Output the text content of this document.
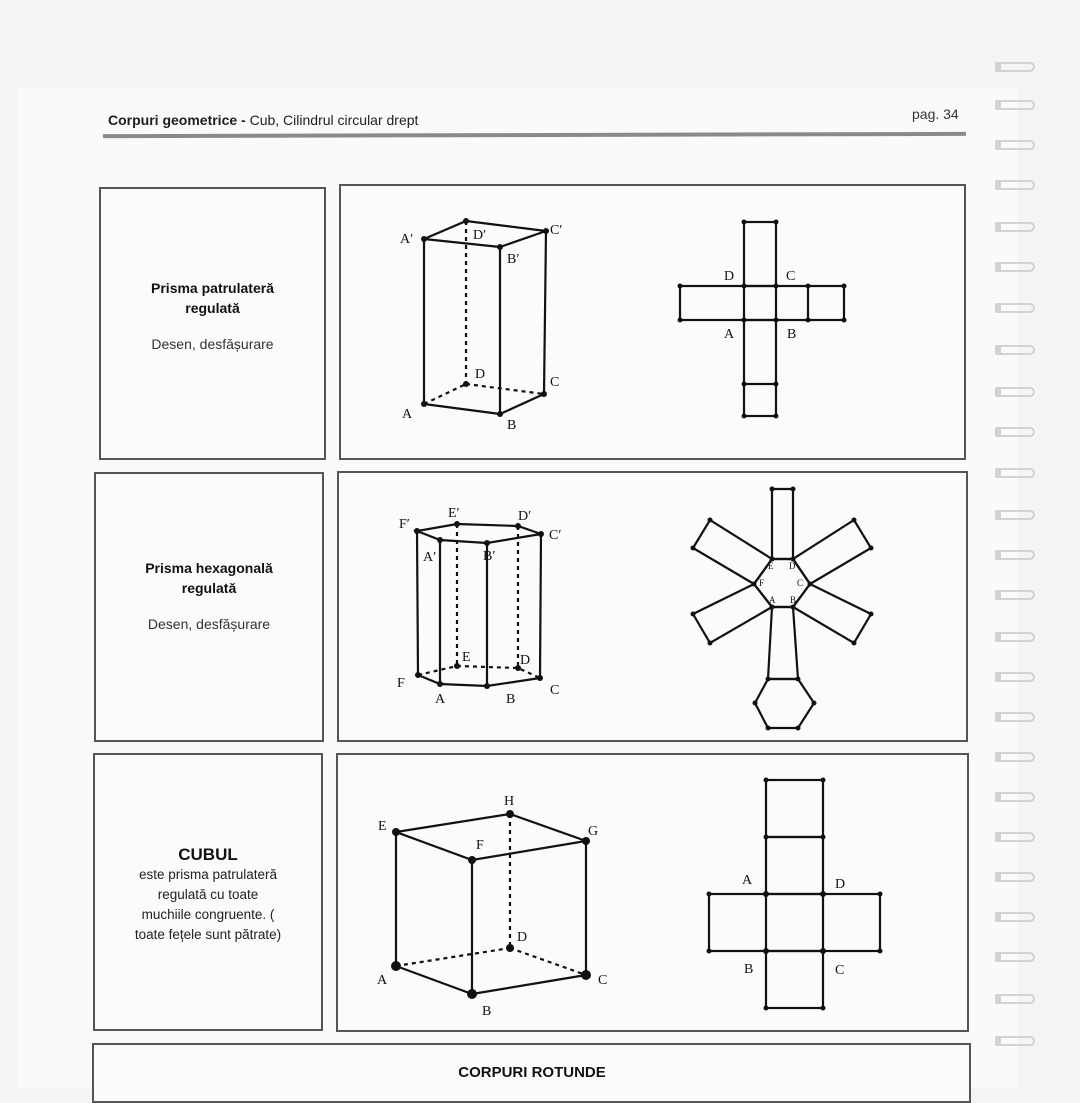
Corpuri geometrice - Cub, Cilindrul circular drept	pag. 34
Prisma patrulateră
regulată
Desen, desfășurare
A
B
C
D
A′
B′
C′
D′
A	B
C
D
Prisma hexagonală
regulată
Desen, desfășurare
A	B
C
D
E
F
A′	B′
C′
D′
E′
F′
A B
C
D
E
F
CUBUL
este prisma patrulateră
regulată cu toate
muchiile congruente. (
toate fețele sunt pătrate)
A
B
C
D
E
F
G
H
A
B	C
D
CORPURI ROTUNDE
